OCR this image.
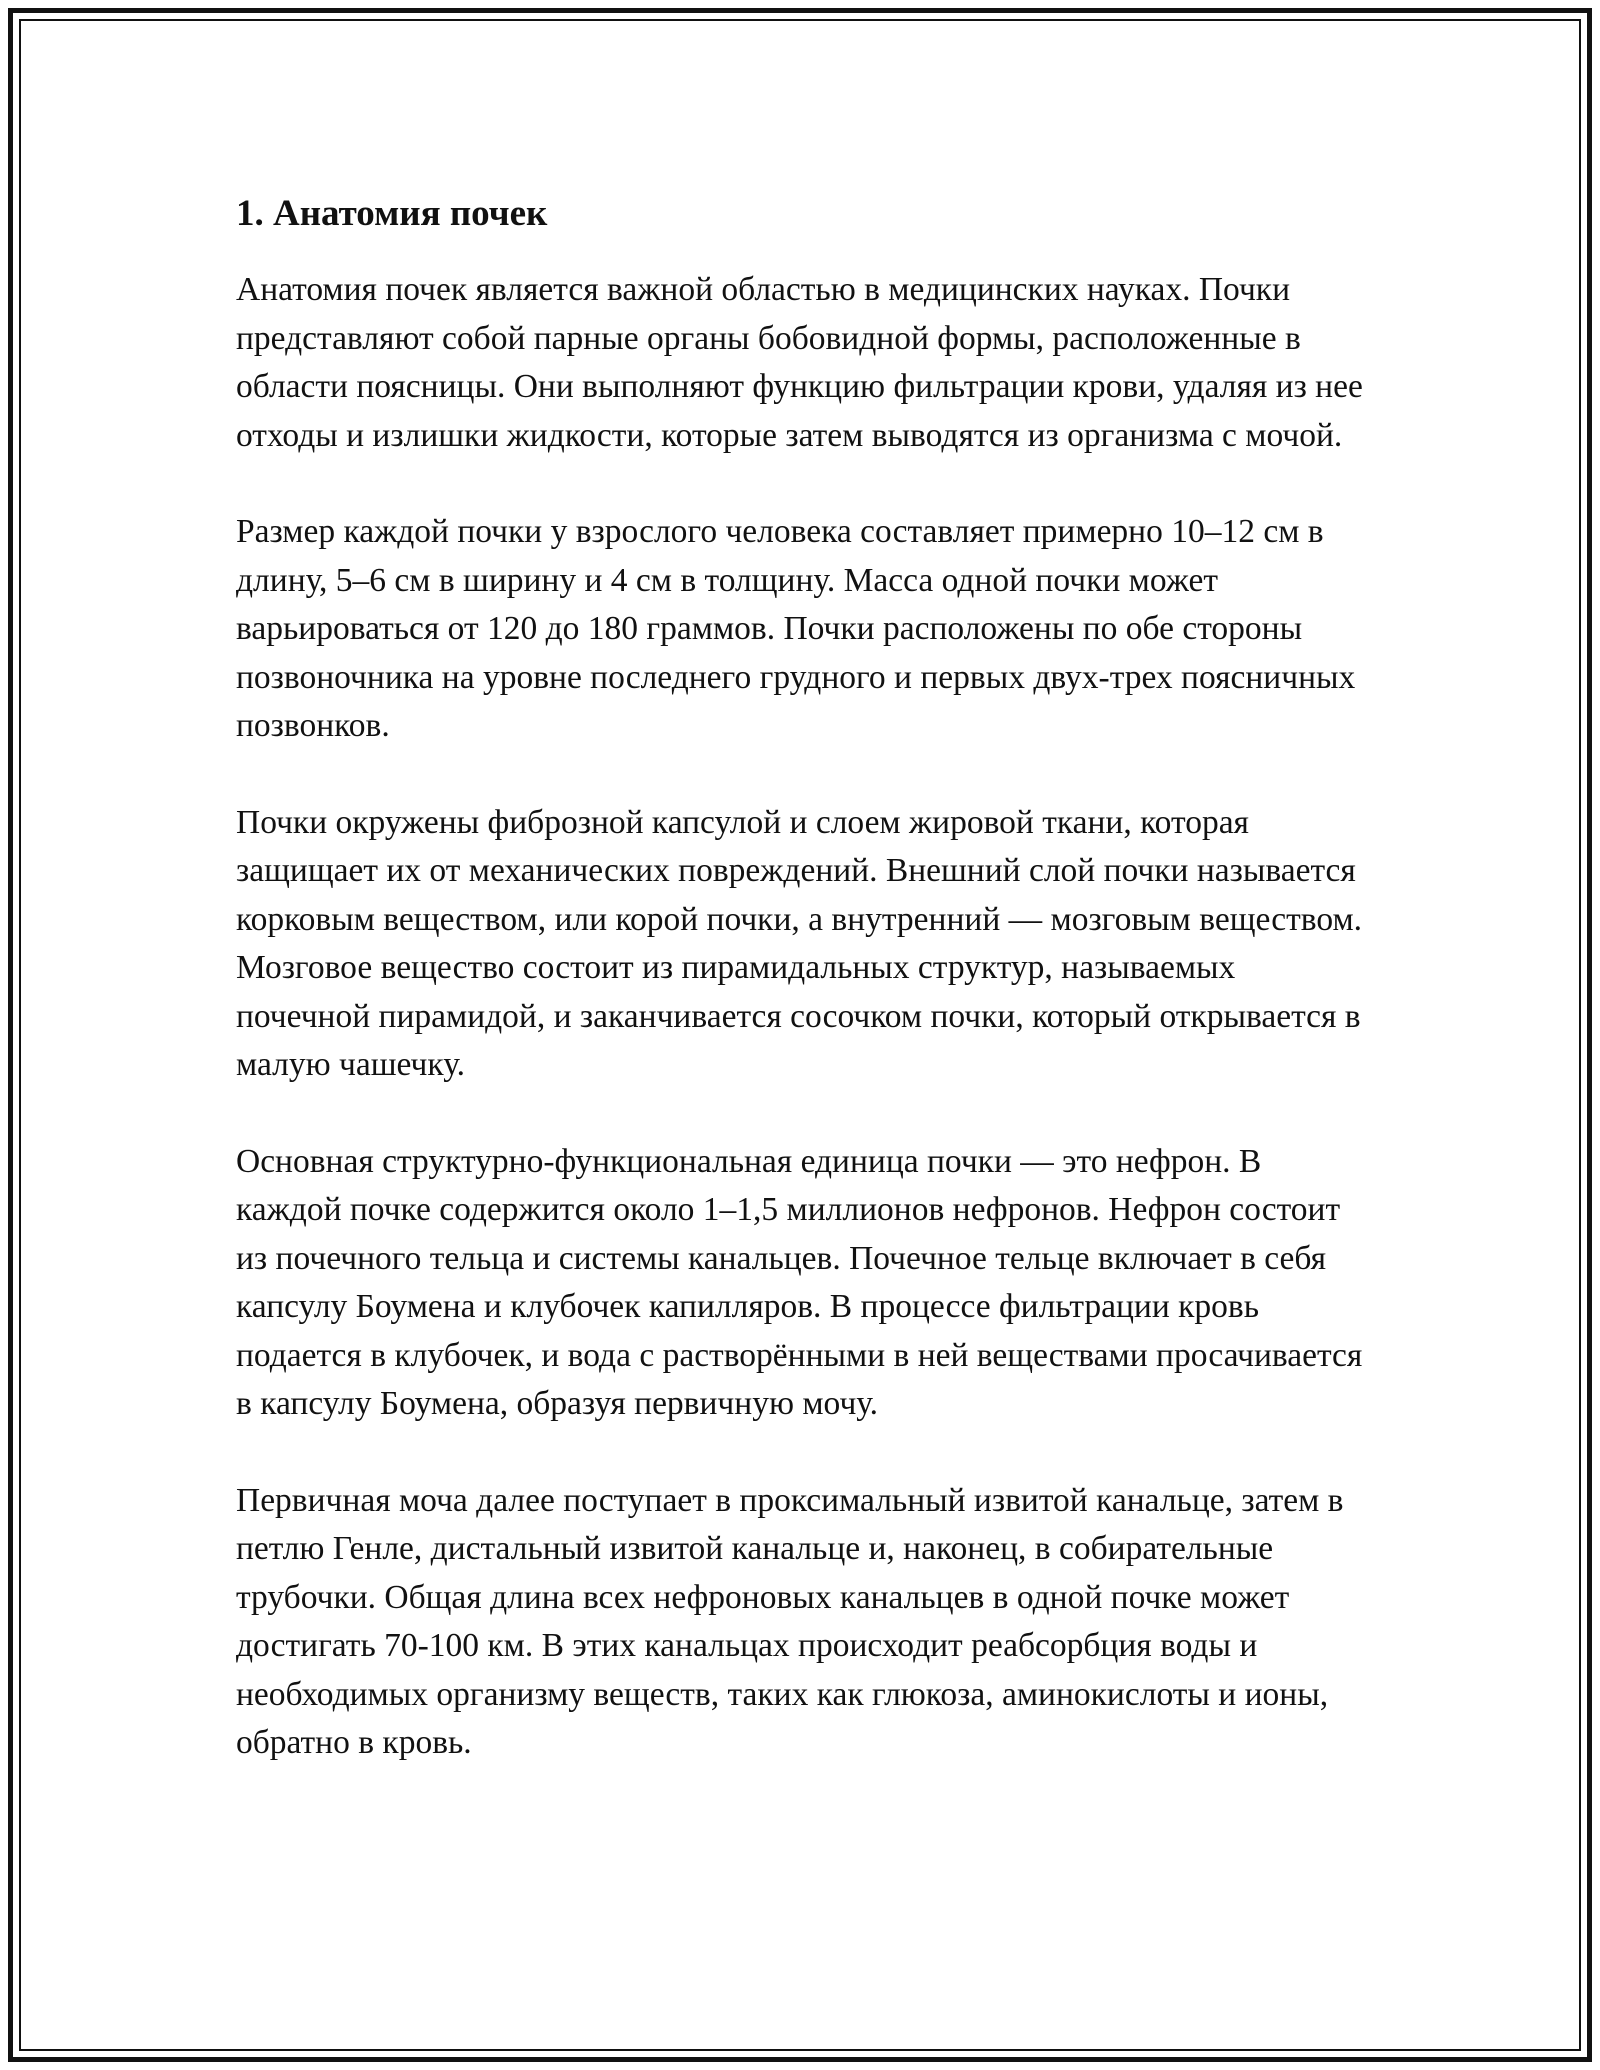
1. Анатомия почек

Анатомия почек является важной областью в медицинских науках. Почки представляют собой парные органы бобовидной формы, расположенные в области поясницы. Они выполняют функцию фильтрации крови, удаляя из нее отходы и излишки жидкости, которые затем выводятся из организма с мочой.

Размер каждой почки у взрослого человека составляет примерно 10–12 см в длину, 5–6 см в ширину и 4 см в толщину. Масса одной почки может варьироваться от 120 до 180 граммов. Почки расположены по обе стороны позвоночника на уровне последнего грудного и первых двух-трех поясничных позвонков.

Почки окружены фиброзной капсулой и слоем жировой ткани, которая защищает их от механических повреждений. Внешний слой почки называется корковым веществом, или корой почки, а внутренний — мозговым веществом. Мозговое вещество состоит из пирамидальных структур, называемых почечной пирамидой, и заканчивается сосочком почки, который открывается в малую чашечку.

Основная структурно-функциональная единица почки — это нефрон. В каждой почке содержится около 1–1,5 миллионов нефронов. Нефрон состоит из почечного тельца и системы канальцев. Почечное тельце включает в себя капсулу Боумена и клубочек капилляров. В процессе фильтрации кровь подается в клубочек, и вода с растворёнными в ней веществами просачивается в капсулу Боумена, образуя первичную мочу.

Первичная моча далее поступает в проксимальный извитой канальце, затем в петлю Генле, дистальный извитой канальце и, наконец, в собирательные трубочки. Общая длина всех нефроновых канальцев в одной почке может достигать 70-100 км. В этих канальцах происходит реабсорбция воды и необходимых организму веществ, таких как глюкоза, аминокислоты и ионы, обратно в кровь.
